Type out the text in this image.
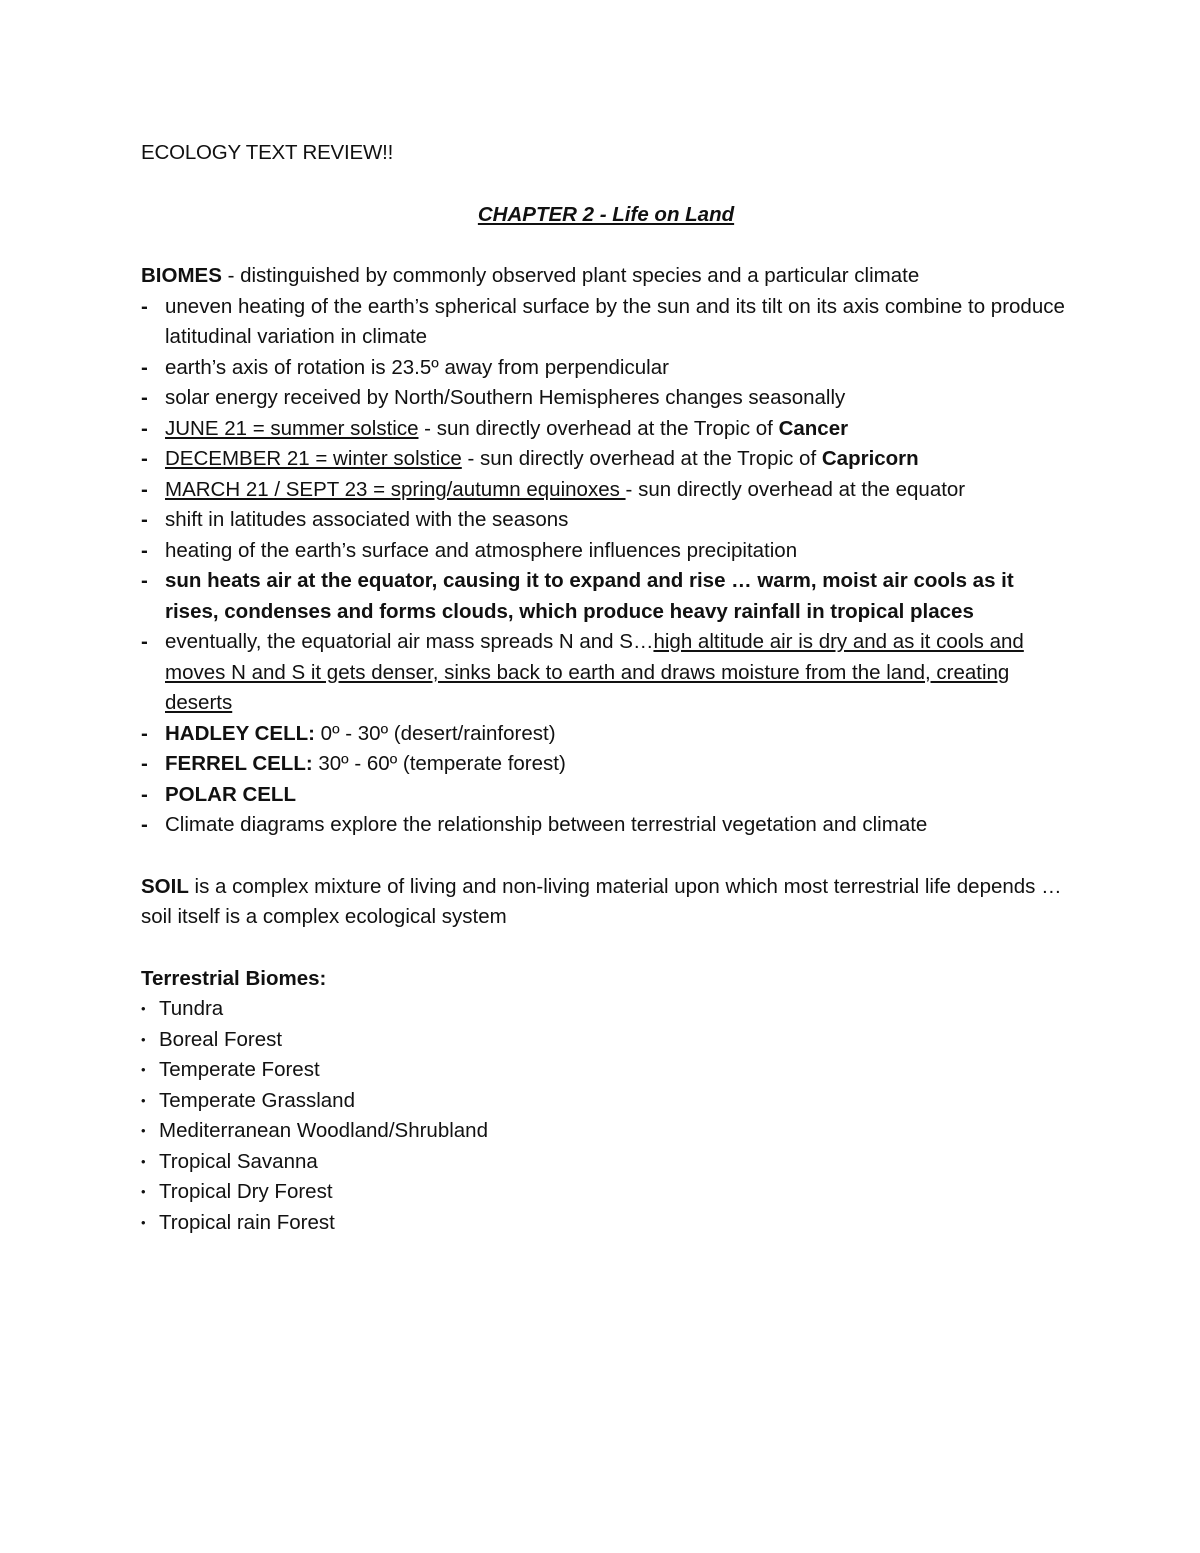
ECOLOGY TEXT REVIEW!!
CHAPTER 2 - Life on Land
BIOMES - distinguished by commonly observed plant species and a particular climate
- uneven heating of the earth’s spherical surface by the sun and its tilt on its axis combine to produce latitudinal variation in climate
- earth’s axis of rotation is 23.5º away from perpendicular
- solar energy received by North/Southern Hemispheres changes seasonally
- JUNE 21 = summer solstice - sun directly overhead at the Tropic of Cancer
- DECEMBER 21 = winter solstice - sun directly overhead at the Tropic of Capricorn
- MARCH 21 / SEPT 23 = spring/autumn equinoxes - sun directly overhead at the equator
- shift in latitudes associated with the seasons
- heating of the earth’s surface and atmosphere influences precipitation
- sun heats air at the equator, causing it to expand and rise … warm, moist air cools as it rises, condenses and forms clouds, which produce heavy rainfall in tropical places
- eventually, the equatorial air mass spreads N and S…high altitude air is dry and as it cools and moves N and S it gets denser, sinks back to earth and draws moisture from the land, creating deserts
- HADLEY CELL: 0º - 30º (desert/rainforest)
- FERREL CELL: 30º - 60º (temperate forest)
- POLAR CELL
- Climate diagrams explore the relationship between terrestrial vegetation and climate
SOIL is a complex mixture of living and non-living material upon which most terrestrial life depends …soil itself is a complex ecological system
Terrestrial Biomes:
• Tundra
• Boreal Forest
• Temperate Forest
• Temperate Grassland
• Mediterranean Woodland/Shrubland
• Tropical Savanna
• Tropical Dry Forest
• Tropical rain Forest
